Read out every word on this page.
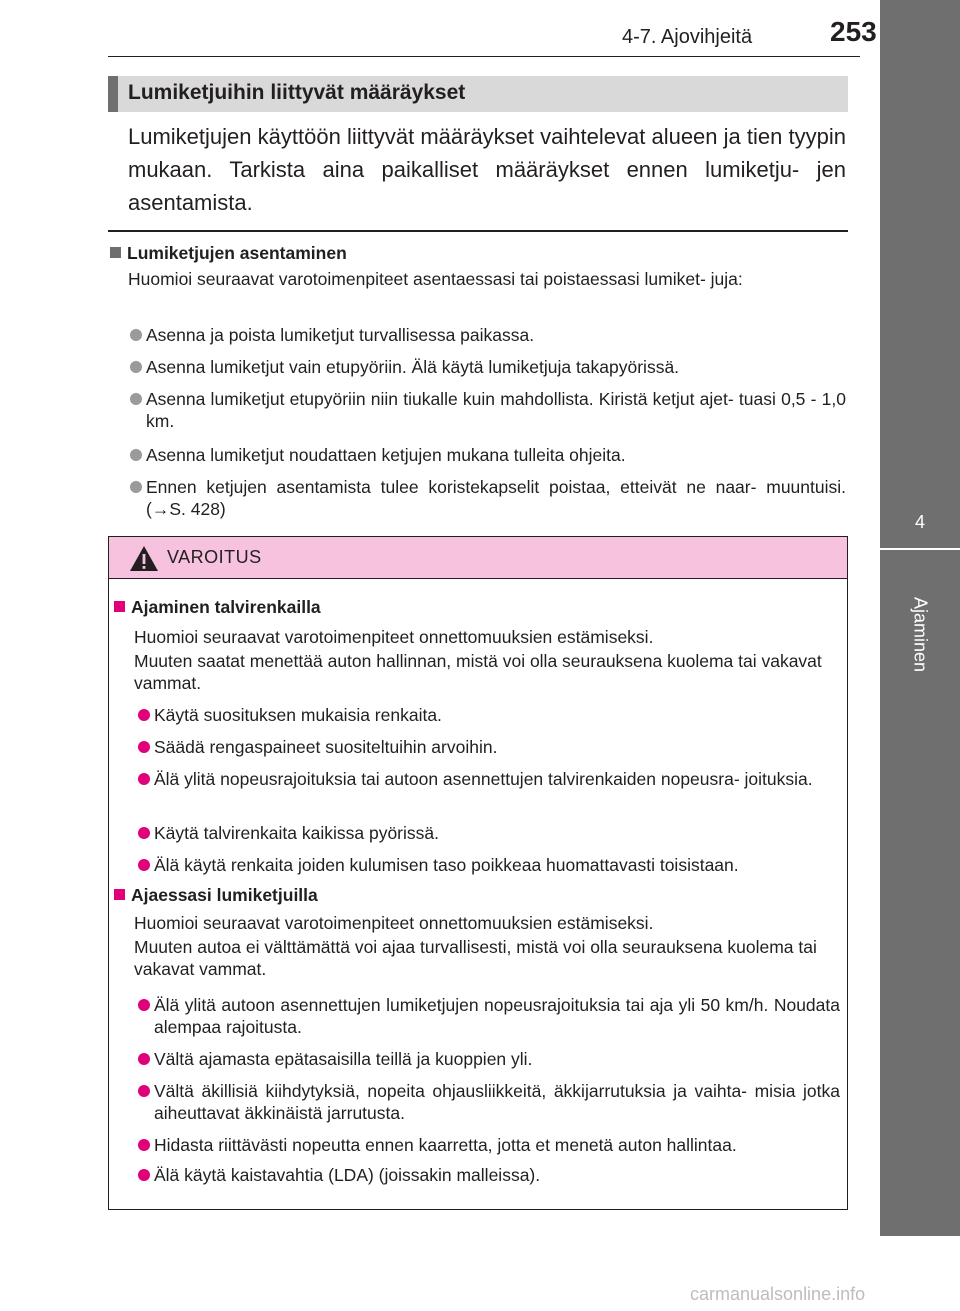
4-7. Ajovihjeitä	253
4
Ajaminen
Lumiketjuihin liittyvät määräykset
Lumiketjujen käyttöön liittyvät määräykset vaihtelevat alueen ja tien tyypin mukaan. Tarkista aina paikalliset määräykset ennen lumiketju- jen asentamista.
Lumiketjujen asentaminen
Huomioi seuraavat varotoimenpiteet asentaessasi tai poistaessasi lumiket- juja:
Asenna ja poista lumiketjut turvallisessa paikassa.
Asenna lumiketjut vain etupyöriin. Älä käytä lumiketjuja takapyörissä.
Asenna lumiketjut etupyöriin niin tiukalle kuin mahdollista. Kiristä ketjut ajet- tuasi 0,5 - 1,0 km.
Asenna lumiketjut noudattaen ketjujen mukana tulleita ohjeita.
Ennen ketjujen asentamista tulee koristekapselit poistaa, etteivät ne naar- muuntuisi. (→S. 428)
VAROITUS
Ajaminen talvirenkailla
Huomioi seuraavat varotoimenpiteet onnettomuuksien estämiseksi.
Muuten saatat menettää auton hallinnan, mistä voi olla seurauksena kuolema tai vakavat vammat.
Käytä suosituksen mukaisia renkaita.
Säädä rengaspaineet suositeltuihin arvoihin.
Älä ylitä nopeusrajoituksia tai autoon asennettujen talvirenkaiden nopeusra- joituksia.
Käytä talvirenkaita kaikissa pyörissä.
Älä käytä renkaita joiden kulumisen taso poikkeaa huomattavasti toisistaan.
Ajaessasi lumiketjuilla
Huomioi seuraavat varotoimenpiteet onnettomuuksien estämiseksi.
Muuten autoa ei välttämättä voi ajaa turvallisesti, mistä voi olla seurauksena kuolema tai vakavat vammat.
Älä ylitä autoon asennettujen lumiketjujen nopeusrajoituksia tai aja yli 50 km/h. Noudata alempaa rajoitusta.
Vältä ajamasta epätasaisilla teillä ja kuoppien yli.
Vältä äkillisiä kiihdytyksiä, nopeita ohjausliikkeitä, äkkijarrutuksia ja vaihta- misia jotka aiheuttavat äkkinäistä jarrutusta.
Hidasta riittävästi nopeutta ennen kaarretta, jotta et menetä auton hallintaa.
Älä käytä kaistavahtia (LDA) (joissakin malleissa).
carmanualsonline.info
